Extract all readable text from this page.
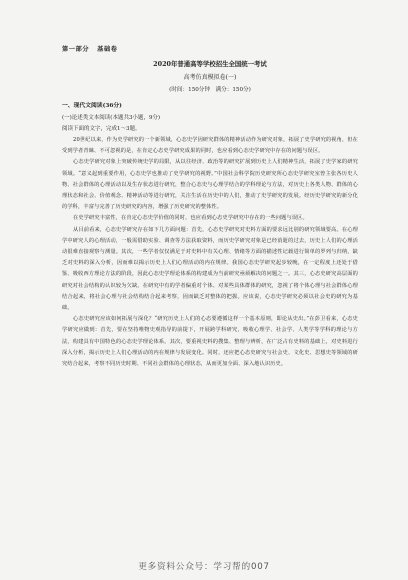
第一部分 基础卷
2020年普通高等学校招生全国统一考试
高考仿真模拟卷(一)
(时间：150分钟　满分：150分)
一、现代文阅读(36分)
(一)论述类文本阅读(本题共3小题，9分)
阅读下面的文字，完成1～3题。

20世纪以来，作为史学研究的一个新领域，心态史学因研究群体的精神活动作为研究对象，拓展了史学研究的视角，但在受到学者青睐、不可忽视的是，在肯定心态史学研究成果的同时，也应看到心态史学研究中存在的问题与误区。

心态史学研究对象上突破传统史学的局限，从以往经济、政治等的研究扩展到历史上人们精神生活，拓展了史学家的研究领域。“意义起到重要作用，心态史学也推动了史学研究的视野。”中国社会科学院历史研究所心态史学研究室曾主张各历史人物、社会群体的心理活动以及生存状态进行研究，整合心态史与心理学结合的学科理论与方法，对历史上各类人物、群体的心理状态和社会、价值观念、精神活动等进行研究，关注生活在历史中的人们，推动了史学研究的发展。经历史学研究的新分化的学科，丰富与完善了历史研究的内容，增强了历史研究的整体性。

在史学研究丰富性，在肯定心态史学价值的同时，也应看到心态史学研究中存在的一些问题与误区。

从目前看来，心态史学研究存在如下几方面问题：首先，心态史学研究对史料方面的要求远比别的研究领域要高。在心理学中研究人的心理活动，一般需借助实验、调查等方法获取资料，而历史学研究对象是已经消逝的过去，历史上人们的心理活动很难直接观察与测量。其次，一些学者仅仅满足于对史料中有关心理、情绪等方面的描述性记载进行简单的罗列与归纳，缺乏对史料的深入分析，因而难以揭示历史上人们心理活动的内在规律。我国心态史学研究起步较晚，在一定程度上还处于借鉴、吸收西方理论方法的阶段，因此心态史学理论体系的构建成为当前研究亟须解决的问题之一。其三，心态史研究高层面的研究对社会结构的认识较为欠缺。在研究中有的学者偏重对个体、对某些具体群体的研究，忽视了将个体心理与社会群体心理结合起来，将社会心理与社会结构结合起来考察，因而缺乏对整体的把握。应该说，心态史学研究必须以社会史的研究为基础。

心态史研究应该如何拓展与深化？“研究历史上人们的心态要遵循这样一个基本原则，即论从史出。”在彭卫看来，心态史学研究应做到：首先，要在坚持唯物史观指导的前提下，开展跨学科研究，吸收心理学、社会学、人类学等学科的理论与方法，构建具有中国特色的心态史学理论体系。其次，要重视史料的搜集、整理与辨析，在广泛占有史料的基础上，对史料进行深入分析，揭示历史上人们心理活动的内在规律与发展变化。同时，还应把心态史研究与社会史、文化史、思想史等领域的研究结合起来，考察不同历史时期、不同社会群体的心理状态，从而更加全面、深入地认识历史。

更多资料公众号：学习帮的007
